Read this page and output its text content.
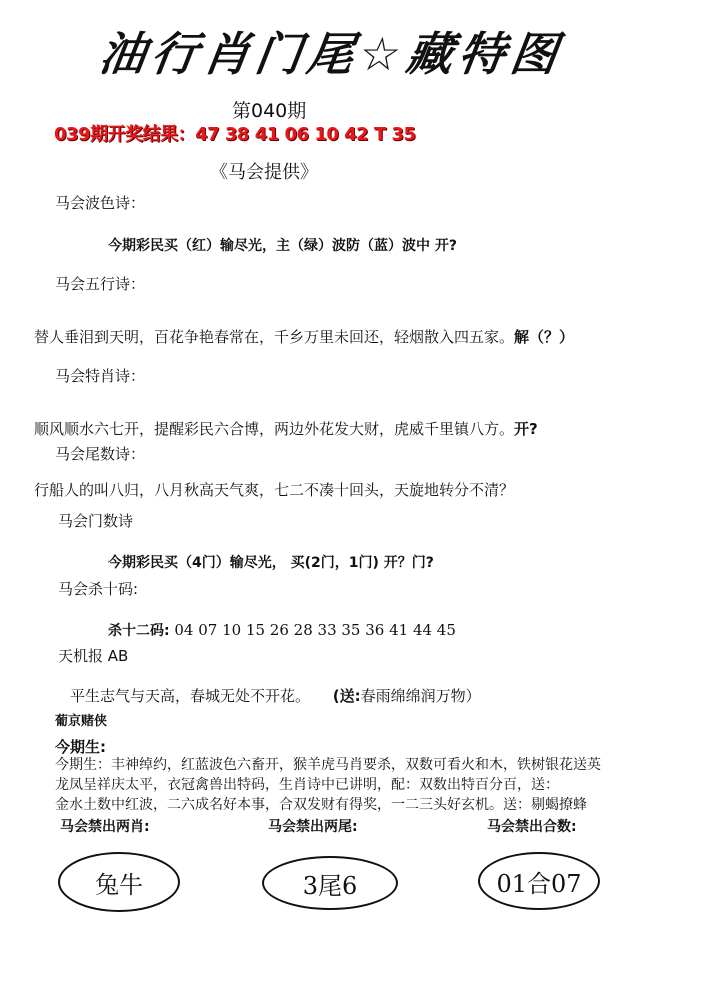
油行肖门尾☆藏特图
第040期
039期开奖结果：47 38 41 06 10 42 T 35
《马会提供》
马会波色诗：
今期彩民买（红）输尽光，主（绿）波防（蓝）波中 开?
马会五行诗：
替人垂泪到天明，百花争艳春常在，千乡万里未回还，轻烟散入四五家。解（？）
马会特肖诗：
顺风顺水六七开，提醒彩民六合博，两边外花发大财，虎威千里镇八方。开?
马会尾数诗：
行船人的叫八归，八月秋高天气爽，七二不凑十回头，天旋地转分不清？
马会门数诗
今期彩民买（4门）输尽光， 买(2门，1门) 开？门?
马会杀十码:
杀十二码: 04 07 10 15 26 28 33 35 36 41 44 45
天机报 AB
平生志气与天高，春城无处不开花。 (送:春雨绵绵润万物）
葡京赌侠
今期生:
今期生：丰神绰约，红蓝波色六畜开，猴羊虎马肖要杀，双数可看火和木，铁树银花送英
龙凤呈祥庆太平，衣冠禽兽出特码，生肖诗中已讲明，配：双数出特百分百，送：
金水土数中红波，二六成名好本事，合双发财有得奖，一二三头好玄机。送：剔蝎撩蜂
马会禁出两肖:	马会禁出两尾:	马会禁出合数:
兔牛	3尾6	01合07
